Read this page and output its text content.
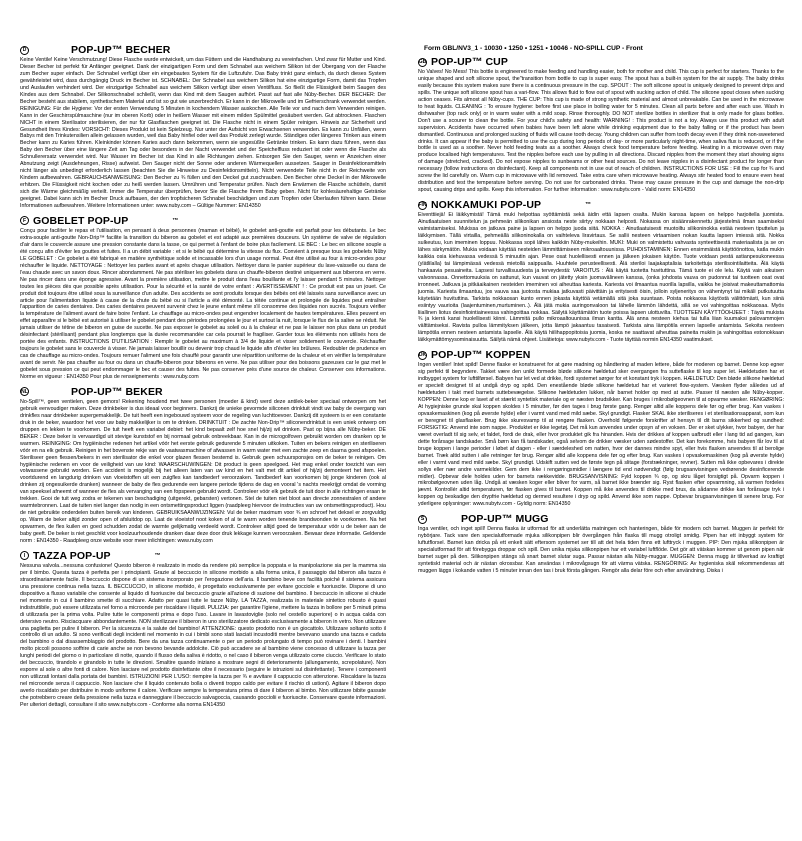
Form GBL/NV3_1 - 10030 • 1250 • 1251 • 10046 - NO-SPILL CUP - Front
D	POP-UP™ BECHER
Keine Ventile! Keine Verschmutzung! Diese Flasche wurde entwickelt, um das Füttern und die Handhabung zu vereinfachen. Und zwar für Mutter und Kind. Dieser Becher ist perfekt für Anfänger geeignet. Dank der einzigartigen Form und dem Schnabel aus weichem Silikon ist der Übergang von der Flasche zum Becher super einfach. Der Schnabel verfügt über ein eingebautes System für die Luftzufuhr. Das Baby trinkt ganz einfach, da durch dieses System gewährleistet wird, dass durchgängig Druck im Becher ist. SCHNABEL: Der Schnabel aus weichem Silikon hat eine einzigartige Form, damit das Tropfen und Auslaufen verhindert wird. Der einzigartige Schnabel aus weichem Silikon verfügt über einen Ventilfluss. So fließt die Flüssigkeit beim Saugen des Kindes aus dem Schnabel. Der Silikonschnabel schließt, wenn das Kind mit dem Saugen aufhört. Passt auf fast alle Nûby-Becher. DER BECHER: Der Becher besteht aus stabilem, synthetischem Material und ist so gut wie unzerbrechlich. Er kann in der Mikrowelle und im Gefrierschrank verwendet werden. REINIGUNG: Für die Hygiene: Vor der ersten Verwendung 5 Minuten in kochendem Wasser auskochen. Alle Teile vor und nach dem Verwenden reinigen. Kann in der Geschirrspülmaschine (nur im oberen Korb) oder in heißem Wasser mit einem milden Spülmittel gesäubert werden. Gut abtrocknen. Flaschen NICHT in einem Sterilisator sterilisieren, der nur für Glasflaschen geeignet ist. Die Flasche nicht in einem Spüler reinigen. Hinweis zur Sicherheit und Gesundheit Ihres Kindes: VORSICHT: Dieses Produkt ist kein Spielzeug. Nur unter der Aufsicht von Erwachsenen verwenden. Es kann zu Unfällen, wenn Babys mit den Trinkutensilien allein gelassen wurden, weil das Baby hinfiel oder weil das Produkt zerlegt wurde. Ständiges oder längeres Trinken aus einem Becher kann zu Karies führen. Kleinkinder können Karies auch dann bekommen, wenn sie ungesüßte Getränke trinken. Es kann dazu führen, wenn das Baby den Becher über eine längere Zeit am Tag oder besonders in der Nacht verwendet und der Speichelfluss reduziert ist oder wenn die Flasche als Schnullerersatz verwendet wird. Nur Wasser im Becher ist das Kind in alle Richtungen ziehen. Entsorgen Sie den Sauger, wenn er Anzeichen einer Abnutzung zeigt (Ausdehnungen, Risse) aufweist. Den Sauger nicht der Sonne oder anderen Wärmequellen aussetzen. Sauger in Desinfektionsmitteln nicht länger als unbedingt erforderlich lassen (beachten Sie die Hinweise zu Desinfektionsmitteln). Nicht verwendete Teile nicht in der Reichweite von Kindern aufbewahren. GEBRAUCHSANWEISUNG: Den Becher zu ¾ füllen und den Deckel gut zuschrauben. Den Becher ohne Deckel in der Mikrowelle erhitzen. Die Flüssigkeit nicht kochen oder zu heiß werden lassen. Umrühren und Temperatur prüfen. Nach dem Erwärmen die Flasche schütteln, damit sich die Wärme gleichmäßig verteilt. Immer die Temperatur überprüfen, bevor Sie die Flasche Ihrem Baby geben. Nicht für kohlesäurehaltige Getränke geeignet. Dabei kann sich im Becher Druck aufbauen, der den tropfsicheren Schnabel beschädigen und zum Tropfen oder Überlaufen führen kann. Diese Informationen aufbewahren. Weitere Informationen unter: www.nuby.com – Gültige Nummer: EN14350
F GOBELET POP-UP	™
Conçu pour faciliter le repas et l'utilisation, en pensant à deux personnes (maman et bébé), le gobelet anti-goutte est parfait pour les débutants. Le bec extra-souple anti-goutte Non-Drip™ facilite la transition du biberon au gobelet et est adapté aux premières douceurs. Un système de valve de régulation d'air dans le couvercle assure une pression constante dans la tasse, ce qui permet à l'enfant de boire plus facilement. LE BEC : Le bec en silicone souple a été conçu afin d'éviter les gouttes et fuites. Il a un débit variable : et si le bébé qui détermine la vitesse du flux. Convient à presque tous les gobelets Nûby LE GOBELET : Ce gobelet a été fabriqué en matière synthétique solide et incassable lors d'un usage normal. Peut être utilisé au four à micro-ondes pour réchauffer le liquide. NETTOYAGE : Nettoyer les parties avant et après chaque utilisation. Nettoyer dans le panier supérieur du lave-vaisselle ou dans de l'eau chaude avec un savon doux. Rincer abondamment. Ne pas stériliser les gobelets dans un chauffe-biberon destiné uniquement aux biberons en verre. Ne pas rincer dans une éponge agressive. Avant la première utilisation, mettre le produit dans l'eau bouillante et l'y laisser pendant 5 minutes. Nettoyer toutes les pièces dès que possible après utilisation. Pour la sécurité et la santé de votre enfant : AVERTISSEMENT ! : Ce produit est pas un jouet. Ce produit doit toujours être utilisé sous la surveillance d'un adulte. Des accidents se sont produits lorsque des bébés ont été laissés sans surveillance avec un article pour l'alimentation liquide à cause de la chute du bébé ou si l'article a été démonté. La tétée continue et prolongée de liquides peut entraîner l'apparition de caries dentaires. Des caries dentaires peuvent survenir chez le jeune enfant même s'il consomme des liquides non sucrés. Toujours vérifier la température de l'aliment avant de faire boire l'enfant. Le chauffage au micro-ondes peut engendrer localement de hautes températures. Elles peuvent en effet apparaître si le bébé est autorisé à utiliser le gobelet pendant des périodes prolongées le jour et surtout la nuit, lorsque le flux de la salive se réduit. Ne jamais utiliser de tétine de biberon en guise de sucette. Ne pas exposer le gobelet au soleil ou à la chaleur et ne pas le laisser non plus dans un produit désinfectant (stérilisant) pendant plus longtemps que la durée recommandée car cela pourrait le fragiliser. Garder tous les éléments non utilisés hors de portée des enfants. INSTRUCTIONS D'UTILISATION : Remplir le gobelet au maximum à 3/4 de liquide et visser solidement le couvercle. Réchauffer toujours le gobelet sans le couvercle à visser. Ne jamais laisser bouillir ou devenir trop chaud le liquide afin d'éviter les brûlures. Redoubler de prudence en cas de chauffage au micro-ondes. Toujours remuer l'aliment une fois chauffé pour garantir une répartition uniforme de la chaleur et en vérifier la température avant de servir. Ne pas chauffer au four ou dans un chauffe-biberon pour biberons en verre. Ne pas utiliser pour des boissons gazeuses car le gaz met le gobelet sous pression ce qui peut endommager le bec et causer des fuites. Ne pas conserver près d'une source de chaleur. Conserver ces informations. Norme en vigueur : EN14350 Pour plus de renseignements : www.nuby.com
NL	POP-UP™ BEKER
No-Spill™, geen ventielen, geen gemors! Rekening houdend met twee personen (moeder & kind) werd deze antilek-beker speciaal ontworpen om het gebruik eenvoudiger maken. Deze drinkbeker is dus ideaal voor beginners. Dankzij de unieke gevormde siliconen drinktuit vindt uw baby de overgang van drinkfles naar drinkbeker supergemakkelijk. De tuit heeft een ingebouwd systeem voor de regeling van luchttoevoer. Dankzij dit systeem is er een constante druk in de beker, waardoor het voor uw baby makkelijker is om te drinken. DRINKTUIT : De zachte Non-Drip™ siliconendrinktuit is een uniek ontwerp om druppen en lekken te voorkomen. De tuit heeft een variabel debiet: het kind bepaalt zelf hoe snel hij/zij wil drinken. Past op bijna alle Nûby-beker. DE BEKER : Deze beker is vervaardigd uit stevige kunststof en bij normaal gebruik onbreekbaar. Kan in de microgolfoven gebruikt worden om dranken op te warmen. REINIGING: Om hygiënische redenen het artikel vóór het eerste gebruik gedurende 5 minuten uitkoken. Tuiten en bekers reinigen en steriliseren vóór en na elk gebruik. Reinigen in het bovenste rekje van de vaatwasmachine of afwassen in warm water met een zachte zeep en daarna goed afspoelen. Steriliseer geen flessen/bekers in een sterilisator die enkel voor glazen flessen bestemd is. Gebruik geen schuursponsjes om de beker te reinigen. Om hygiënische redenen en voor de veiligheid van uw kind: WAARSCHUWINGEN: Dit product is geen speelgoed. Het mag enkel onder toezicht van een volwassene gebruikt worden. Een accident is mogelijk bij het alleen laten van uw kind en het valt met dit artikel of hij/zij demonteert het item. Het voortdurend en langdurig drinken van vloeistoffen uit een zuigfles kan tandbederf veroorzaken. Tandbederf kan voorkomen bij jonge kinderen (ook al drinken zij ongesuikerde dranken) wanneer de baby de fles gedurende een langere periode tijdens de dag en vooral 's nachts meekrijgt omdat de vorming van speeksel afneemt of wanneer de fles als vervanging van een fopspeen gebruikt wordt. Controleer vóór elk gebruik de tuit door in alle richtingen eraan te trekken. Gooi de tuit weg zodra er tekenen van beschadiging (uitgerekt, gebarsten) vertonen. Stel de tuiten niet bloot aan directe zonnestralen of andere warmtebronnen. Laat de tuiten niet langer dan nodig in een ontsmettingsproduct liggen (raadpleeg hiervoor de instructies van uw ontsmettingsproduct). Hou de niet gebruikte onderdelen buiten bereik van kinderen. GEBRUIKSAANWIJZINGEN: Vul de beker maximum voor ¾ en schroef het deksel er zorgvuldig op. Warm de beker altijd zonder open of afsluitdop op. Laat de vloeistof noot koken of al te warm worden tenende brandwonden te voorkomen. Na het opwarmen, de fles kuilen en goed schudden zodat de warmte gelijkmatig verdeeld wordt. Controleer altijd goed de temperatuur vóór u de beker aan de baby geeft. De beker is niet geschikt voor koolzuurhoudende dranken daar deze door druk lekkage kunnen veroorzaken. Bewaar deze informatie. Geldende norm : EN14350 - Raadpleeg onze website voor meer inlichtingen: www.nuby.com
I TAZZA POP-UP	™
Nessuna valvola...nessuna confusione! Questo biberon è realizzato in modo da rendere più semplice la poppata e la manipolazione sia per la mamma sia per il bimbo. Questa tazza è perfetta per i principianti. Grazie al beccuccio in silicone morbido a alla forma unica, il passaggio dal biberon alla tazza è straordinariamente facile. Il beccuccio dispone di un sistema incorporato per l'erogazione dell'aria. Il bambino beve con facilità poiché il sistema assicura una pressione continua nella tazza. IL BECCUCCIO, in silicone morbido, è progettato esclusivamente per evitare gocciole e fuoriuscite. Dispone di uno dispositivo a flusso variabile che consente al liquido di fuoriuscire dal beccuccio grazie all'azione di suzione del bambino. Il beccuccio in silicone si chiude nel momento in cui il bambino smette di succhiare. Adatto per quasi tutte le tazze Nûby. LA TAZZA, realizzata in materiale sintetico robusto è quasi indistruttibile, può essere utilizzata nel forno a microonde per riscaldare i liquidi. PULIZIA: per garantire l'igiene, mettere la tazza in bollore per 5 minuti prima di utilizzarla per la prima volta. Pulire tutte le componenti prima e dopo l'uso. Lavare in lavastoviglie (solo nel cestello superiore) o in acqua calda con detersivo neutro. Risciacquare abbondantemente. NON sterilizzare il biberon in uno sterilizzatore dedicato esclusivamente a biberon in vetro. Non utilizzare una paglietta per pulire il biberon. Per la sicurezza e la salute del bambino! ATTENZIONE: questo prodotto non è un giocattolo. Utilizzare soltanto sotto il controllo di un adulto. Si sono verificati degli incidenti nel momento in cui i bimbi sono stati lasciati incustoditi mentre bevevano usando una tazza e caduta del bambino o dal disassemblaggio del prodotto. Bere da una tazza continuamente o per un periodo prolungato di tempo può rovinare i denti. I bambini molto piccoli possono soffrire di carie anche se non bevono bevande addolcite. Ciò può accadere se al bambino viene concesso di utilizzare la tazza per lunghi periodi del giorno o in particolare di notte, quando il flusso della saliva è ridotto, o nel caso il biberon venga utilizzato come ciuccio. Verificare lo stato del beccuccio, tirandolo e girandolo in tutte le direzioni. Smaltire quando iniziano a mostrare segni di deterioramento (allungamento, screpolature). Non esporre al sole o altre fonti di calore. Non lasciare nel prodotto disinfettante oltre il necessario (seguire le istruzioni sul disinfettante). Tenere i componenti non utilizzati lontani dalla portata dei bambini. ISTRUZIONI PER L'USO: riempire la tazza per ¾ e avvitare il cappuccio con attenzione. Riscaldare la tazza nel microonde senza il cappuccio. Non lasciare che il liquido contenuto bolla o diventi troppo caldo per evitare il rischio di ustioni). Agitare il biberon dopo averlo riscaldato per distribuire in modo uniforme il calore. Verificare sempre la temperatura prima di dare il biberon al bimbo. Non utilizzare bibite gassate che potrebbero creare della pressione nella tazza e danneggiare il beccuccio salvagoccia, causando gocciolii e fuoriuscite. Conservare queste informazioni. Per ulteriori dettagli, consultare il sito www.nubytv.com - Conforme alla norma EN14350
GB POP-UP™ CUP
No Valves! No Mess! This bottle is engineered to make feeding and handling easier, both for mother and child. This cup is perfect for starters. Thanks to the unique shaped and soft silicone spout, the"transition from bottle to cup is super easy. The spout has a built-in system for the air supply. The baby drinks easily because this system makes sure there is a continuous pressure in the cup. SPOUT : The soft silicone spout is uniquely designed to prevent drips and spills. The unique soft silicone spout has a vari-flow. This allows fluid to flow out of spout with sucking action of child. The silicone spout closes when sucking action ceases. Fits almost all Nûby-cups. THE CUP: This cup is made of strong synthetic material and almost unbreakable. Can be used in the microwave to heat liquids. CLEANING : To ensure hygiene: before first use place in boiling water for 5 minutes. Clean all parts before and after each use. Wash in dishwasher (top rack only) or in warm water with a mild soap. Rinse thoroughly. DO NOT sterilize bottles in sterilizer that is only made for glass bottles. Don't use a scourer to clean the bottle. For your child's safety and health: WARNING! : This product is not a toy. Always use this product with adult supervision. Accidents have occurred when babies have been left alone while drinking equipment due to the baby falling or if the product has been dismantled. Continuous and prolonged sucking of fluids will cause tooth decay. Young children can suffer from tooth decay even if they drink non-sweetened drinks. It can appear if the baby is permitted to use the cup during long periods of day- or more particularly night-time, when saliva flux is reduced, or if the bottle is used as a soother. Never hold feeding teats as a soother. Always check food temperature before feeding. Heating in a microwave oven may produce localised high temperatures. Test the nipples before each use by pulling in all directions. Discard nipples from the moment they start showing signs of damage (stretched, cracked). Do not expose nipples to sunbeams or other heat sources. Do not leave nipples in a disinfectant product for longer than necessary (follow instructions on disinfectant). Keep all components not in use out of reach of children. INSTRUCTIONS FOR USE : Fill the cup for ¾ and screw the lid carefully on. Warm cup in microwave with lid removed. Take extra care when microwave heating. Always stir heated food to ensure even heat distribution and test the temperature before serving. Do not use for carbonated drinks. These may cause pressure in the cup and damage the non-drip spout, causing drips and spills. Keep this information. For further information : www.nubytv.com - Valid norm: EN14350
FIN NOKKAMUKI POP-UP	™
Eiventtiiejä! Ei läikkymistä! Tämä muki helpottaa syöttämistä sekä äidin että lapsen osalta. Mukin kanssa lapsen on helppo harjoitella juomista. Ainutlaatuisen suunnitelun ja pehmeän silikonikan ansiosta neste siirtyy nokkaan helposti. Nokassa on sisäänrakennettu järjestelmä ilman saamiseksi vaimistamiseksi. Mukissa on jatkuva paine ja lapsen on helppo juoda siitä. NOKKA : Ainutlaatuisesti muotoiltu silikoninokka estää nesteen tiputtelun ja läikkymisen. Tällä virtailla, pehmeällä silikoninokalla on vaihteleva liravirtaus. Se sallii nesteen virtaamisen nokan kautta lapsen imiessä sitä. Nokka sulkeutuu, kun imeminen loppuu. Nokkassa sopii lähes kaikkiin Nûby-mukeihin. MUKI: Muki on valmistettu vahvasta synteettisestä materiaalista ja se on lähes särkymätön. Mukia voidaan käyttää nesteiden lämmittämiseen mikroaaltouunissa. PUHDISTAMINEN: Ennen ensimmäistä käyttöönottoa, katla mukin kaikkia osia kiehuvassa vedessä 5 minuutin ajan. Pese osat huolellisesti ennen ja jälkeen jokaisen käytön. Tuote voidaan pestä astianpesukoneessa (ylätlilalla) tai lämpimässä vedessä mietollä saippualla. Huuhtele perusteellisesti. Älä steriloi laajakaptalisia tarkoitettuja sterilisointilaitteita. Älä käytä hankaavia pesuaineita. Lapsesi turvallisuudesta ja terveydestä: VAROITUS : Älä käytä tuotetta huvituttina. Tämä tuote ei ole lelu. Käytä vain aikuisen valvonnassa. Onnettomuuksia on sattunut, kun vauvat on jätetty yksin juomavälineen kanssa, (onka johdosta vauva on pudonnut tai tuotteen osat ovat irronneet. Jatkuva ja pitkäaikainen nesteiden imeminen voi aiheuttaa kariesta. Kariesta voi ilmaantua nuorilla lapsilla, vaikka he joisivat makeuttamattomia juomia. Kariesta ilmaantuu, jos vauva saa juotosta mukiaa jatkuvasti päivittäin ja erityisesti öisin, jolloin syljeneritys on vähentynyt tai mikäli putkutuutta käytetään huvituttina. Tarkista nokkaosan kunto ennen jokasta käyttöä vetämällä sitä joka suuntaan. Poista nokkaosa käytöstä välittömästi, kun siinä esiintyy vaurioita (laajentuminen,murtuminen..). Älä jätä mukia auringonvaloon tai lähelle lämmön lähdettä, sillä se voi vahingoittaa nokkaosaa. Myös liiallinen liotus desinfiointiaineessa vahingoittaa nokkaa. Säilytä käyttämätön tuote poissa lapsen ulottuvilta. TUOTTEEN KÄYTTÖOHJEET : Täytä mukista ¾ ja kierrä kansi huolellisesti kiinni. Lämmitä pullo mikroaaltouunissa ilman kantta. Älä anna nesteen kiehua tai tulla liian kuumaksi palovammojen välttämiseksi. Ravista pulloa lämmityksen jälkeen, jotta lämpö jakaantuu tasaisesti. Tarkista aina lämpötila ennen lapselle antamista. Sekoita nesteen lämpötila ennen nesteen antamista lapselle. Älä käytä hiilihappopitoisia juomia, koska ne saattavat aiheuttaa paineita mukiin ja vahingoittaa estonokkaan läikkymättömyysominaisuutta. Säilytä nämä ohjeet. Lisätietoja: www.nubytv.com - Tuote täyttää normin EN14350 vaatimukset.
DK POP-UP™ KOPPEN
Ingen ventiler! Intet spild! Denne flaske er konstrueret for at gøre madning og håndtering af maden lettere, både for moderen og barnet. Denne kop egner sig perfekt til begyndere. Takket være den unikt formede bløde silikone hældetud sker overgangen fra sutteflaske til kop super let. Hældetuden har et indbygget system for lufttilførsel. Babyen har let ved at drikke, fordi systemet sørger for et konstant tryk i koppen. HÆLDETUD: Den bløde silikone hældetud er specielt designet til at undgå dryp og spild. Den enestående bløde silikone hældetud har et varieret flow-system. Væsken flyder således ud af hældetuden i takt med barnets suttebevægelse. Silikone hældetuden lukker, når barnet holder op med at sutte. Passer til næsten alle Nûby-kopper. KOPPEN: Denne kop er lavet af et stærkt syntetisk materiale og er næsten brudsikker. Kan bruges i mikrobølgeovnen til at opvarme væsker. RENGØRING: At hygiejniske grunde skal koppen skoldes i 5 minutter, før den tages i brug første gang. Rengør altid alle koppens dele før og efter brug. Kan vaskes i opvaskemaskinen (kog på øverste hylde) eller i varmt vand med mild sæbe. Skyl grundigt. Flasker SKAL ikke steriliseres i et sterilisationsapparat, som kun er beregnet til glasflasker. Brug ikke skuresvamp til at rengøre flasken. Overhold følgende forskrifter af hensyn til dit barns sikkerhed og sundhed: FORSIGTIG: Anvend inte som nappe. Produktet er ikke legetøj. Det må kun anvendes under opsyn af en voksen. Der er sket ulykker, hvor babyer, der har været overladt til sig selv, et faldet, fordi de drak, eller hvor produktet gik fra hinanden. Hvis der drikkes af koppen uafbrudt eller i lang tid ad gangen, kan dette forårsage tandskader. Små børn kan få tandskader, også selvom de drikker væsker uden sødestoffer. Det kan forekomme, hvis babyen får lov til at bruge koppen i lange perioder i løbet af dagen - eller i særdeleshed om natten, hvor der dannes mindre spyt, eller hvis flasken anvendes til at berolige barnet. Træk altid sutten i alle retninger før brug. Rengør altid alle koppens dele før og efter brug. Kan vaskes i opvaskemaskinen (kog på øverste hylde) eller i varmt vand med mild sæbe. Skyl grundigt. Udskift sutten ved de første tegn på slitage (forstrækninger, revner). Sutten må ikke opbevares i direkte sollys eller nær andre varmekilder. Gem dem ikke i rengøringsmidler i længere tid end nødvendigt (følg brugsanvisningen vedrørende desinficerende midler). Opbevar dele holdes uden for barnets rækkevidde. BRUGSANVISNING: Fyld koppen ¾ op, og skru låget forsigtigt på. Opvarm koppen i mikrobølgeovnen uden låg. Undgå at væsken koger eller bliver for varm, så barnet ikke brænder sig. Ryst flasken efter opvarmning, så varmen fordeles jævnt. Kontrollér altid temperaturen, før flasken gives til barnet. Koppen må ikke anvendes til drikke med brus, da sådanne drikke kan forårsage tryk i koppen og beskadige den drypfrie hældetud og dermed resultere i dryp og spild. Anvend ikke som nappe. Opbevar brugsanvisningen til senere brug. For yderligere oplysninger: www.nubytv.com - Gyldig norm: EN14350
S	POP-UP™ MUGG
Inga ventiler, och inget spill! Denna flaska är utformad för att underlätta matningen och hanteringen, både för modern och barnet. Muggen är perfekt för nybörjare. Tack vare den specialutformade mjuka silikonpipen blir övergången från flaska till mugg otroligt smidig. Pipen har ett inbyggt system för luftutflorsel. Barnet kan dricka på ett enkelt sätt eftersom systemet ser till att det hela tiden finns ett lufttryck i muggen. PIP: Den mjuka silikonpipen är specialutformad för att förebygga droppar och spill. Den unika mjuka silikonpipen har ett variabel luftflöde. Det gör att vätskan kommer ut genom pipen när barnet suger på den. Silikonpipen stängs så snart barnet slutar suga. Passar nästan alla Nûby-muggar. MUGGEN: Denna mugg är tillverkad av kraftigt syntetiskt material och är nästan okrossbar. Kan användas i mikrovågsugn för att värma vätska. RENGÖRING: Av hygieniska skäl rekommenderas att muggen läggs i kokande vatten i 5 minuter innan den tas i bruk första gången. Rengör alla delar före och efter användning. Diska i
